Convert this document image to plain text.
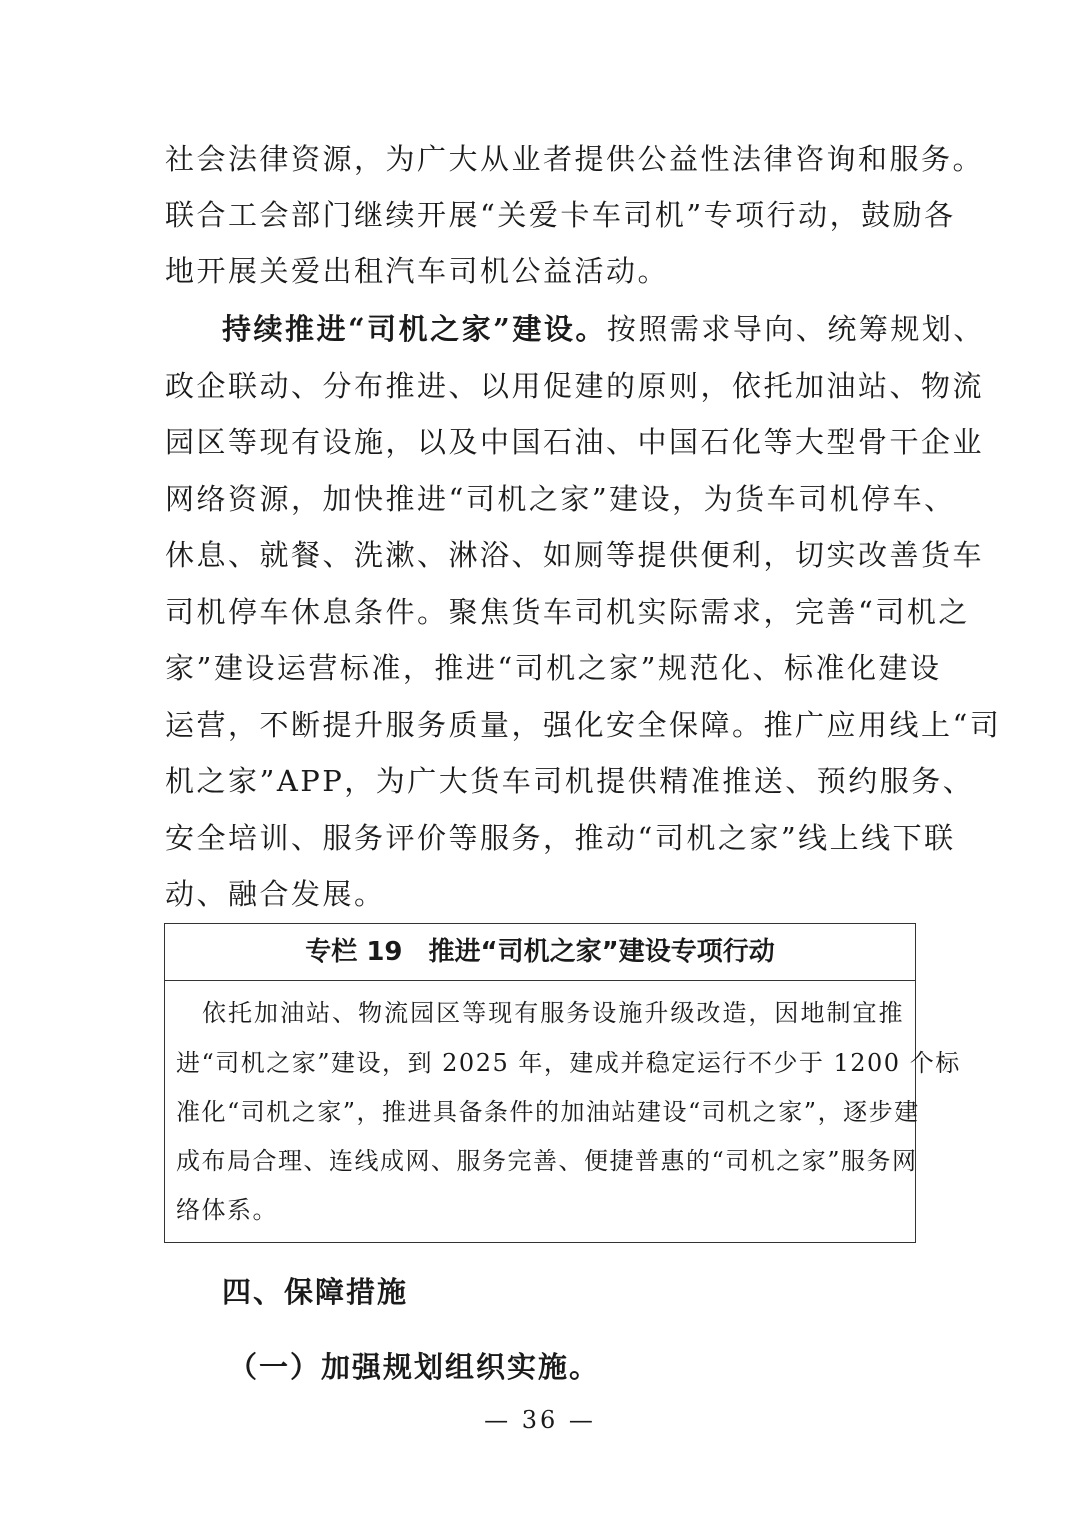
社会法律资源，为广大从业者提供公益性法律咨询和服务。
联合工会部门继续开展“关爱卡车司机”专项行动，鼓励各
地开展关爱出租汽车司机公益活动。
持续推进“司机之家”建设。按照需求导向、统筹规划、
政企联动、分布推进、以用促建的原则，依托加油站、物流
园区等现有设施，以及中国石油、中国石化等大型骨干企业
网络资源，加快推进“司机之家”建设，为货车司机停车、
休息、就餐、洗漱、淋浴、如厕等提供便利，切实改善货车
司机停车休息条件。聚焦货车司机实际需求，完善“司机之
家”建设运营标准，推进“司机之家”规范化、标准化建设
运营，不断提升服务质量，强化安全保障。推广应用线上“司
机之家”APP，为广大货车司机提供精准推送、预约服务、
安全培训、服务评价等服务，推动“司机之家”线上线下联
动、融合发展。
专栏 19　推进“司机之家”建设专项行动
　依托加油站、物流园区等现有服务设施升级改造，因地制宜推
进“司机之家”建设，到 2025 年，建成并稳定运行不少于 1200 个标
准化“司机之家”，推进具备条件的加油站建设“司机之家”，逐步建
成布局合理、连线成网、服务完善、便捷普惠的“司机之家”服务网
络体系。
四、保障措施
（一）加强规划组织实施。
— 36 —
